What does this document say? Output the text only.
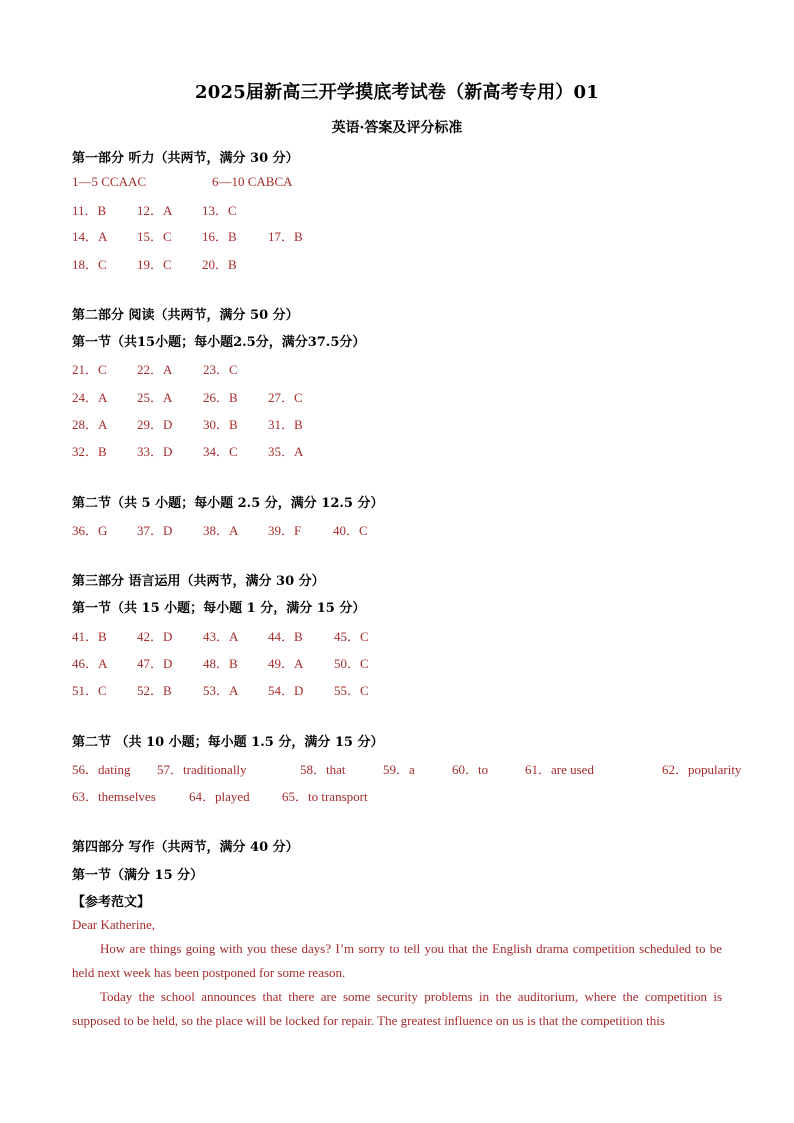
2025届新高三开学摸底考试卷（新高考专用）01
英语·答案及评分标准
第一部分 听力（共两节，满分 30 分）
1—5 CCAAC	6—10 CABCA
11．B 12．A 13．C
14．A 15．C 16．B 17．B
18．C 19．C 20．B
第二部分 阅读（共两节，满分 50 分）
第一节（共15小题；每小题2.5分，满分37.5分）
21．C 22．A 23．C
24．A 25．A 26．B 27．C
28．A 29．D 30．B 31．B
32．B 33．D 34．C 35．A
第二节（共 5 小题；每小题 2.5 分，满分 12.5 分）
36．G 37．D 38．A 39．F 40．C
第三部分 语言运用（共两节，满分 30 分）
第一节（共 15 小题；每小题 1 分，满分 15 分）
41．B 42．D 43．A 44．B 45．C
46．A 47．D 48．B 49．A 50．C
51．C 52．B 53．A 54．D 55．C
第二节 （共 10 小题；每小题 1.5 分，满分 15 分）
56．dating 57．traditionally	58．that	59．a	60．to	61．are used	62．popularity
63．themselves	64．played 65．to transport
第四部分 写作（共两节，满分 40 分）
第一节（满分 15 分）
【参考范文】
Dear Katherine,

How are things going with you these days? I’m sorry to tell you that the English drama competition scheduled to be held next week has been postponed for some reason.

Today the school announces that there are some security problems in the auditorium, where the competition is supposed to be held, so the place will be locked for repair. The greatest influence on us is that the competition this
